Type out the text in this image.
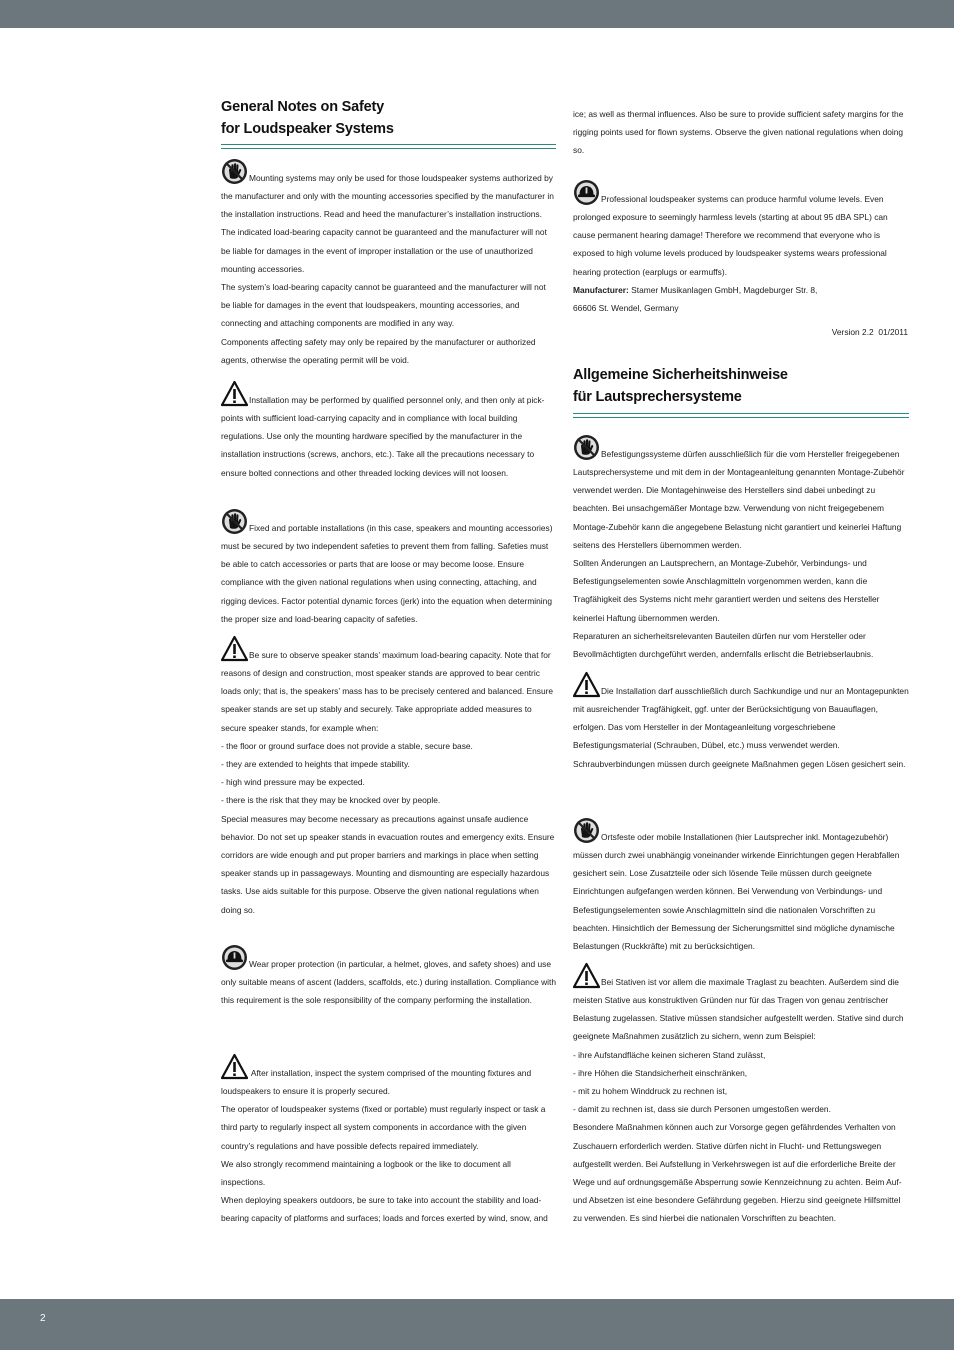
General Notes on Safety
for Loudspeaker Systems

Mounting systems may only be used for those loudspeaker systems authorized by the manufacturer and only with the mounting accessories specified by the manufacturer in the installation instructions. Read and heed the manufacturer’s installation instructions. The indicated load-bearing capacity cannot be guaranteed and the manufacturer will not be liable for damages in the event of improper installation or the use of unauthorized mounting accessories.

The system’s load-bearing capacity cannot be guaranteed and the manufacturer will not be liable for damages in the event that loudspeakers, mounting accessories, and connecting and attaching components are modified in any way.

Components affecting safety may only be repaired by the manufacturer or authorized agents, otherwise the operating permit will be void.

Installation may be performed by qualified personnel only, and then only at pick-points with sufficient load-carrying capacity and in compliance with local building regulations. Use only the mounting hardware specified by the manufacturer in the installation instructions (screws, anchors, etc.). Take all the precautions necessary to ensure bolted connections and other threaded locking devices will not loosen.

Fixed and portable installations (in this case, speakers and mounting accessories) must be secured by two independent safeties to prevent them from falling. Safeties must be able to catch accessories or parts that are loose or may become loose. Ensure compliance with the given national regulations when using connecting, attaching, and rigging devices. Factor potential dynamic forces (jerk) into the equation when determining the proper size and load-bearing capacity of safeties.

Be sure to observe speaker stands’ maximum load-bearing capacity. Note that for reasons of design and construction, most speaker stands are approved to bear centric loads only; that is, the speakers’ mass has to be precisely centered and balanced. Ensure speaker stands are set up stably and securely. Take appropriate added measures to secure speaker stands, for example when:

- the floor or ground surface does not provide a stable, secure base.

- they are extended to heights that impede stability.

- high wind pressure may be expected.

- there is the risk that they may be knocked over by people.

Special measures may become necessary as precautions against unsafe audience behavior. Do not set up speaker stands in evacuation routes and emergency exits. Ensure corridors are wide enough and put proper barriers and markings in place when setting speaker stands up in passageways. Mounting and dismounting are especially hazardous tasks. Use aids suitable for this purpose. Observe the given national regulations when doing so.

Wear proper protection (in particular, a helmet, gloves, and safety shoes) and use only suitable means of ascent (ladders, scaffolds, etc.) during installation. Compliance with this requirement is the sole responsibility of the company performing the installation.

After installation, inspect the system comprised of the mounting fixtures and loudspeakers to ensure it is properly secured.

The operator of loudspeaker systems (fixed or portable) must regularly inspect or task a third party to regularly inspect all system components in accordance with the given country’s regulations and have possible defects repaired immediately.

We also strongly recommend maintaining a logbook or the like to document all inspections.

When deploying speakers outdoors, be sure to take into account the stability and load-bearing capacity of platforms and surfaces; loads and forces exerted by wind, snow, and

ice; as well as thermal influences. Also be sure to provide sufficient safety margins for the rigging points used for flown systems. Observe the given national regulations when doing so.

Professional loudspeaker systems can produce harmful volume levels. Even prolonged exposure to seemingly harmless levels (starting at about 95 dBA SPL) can cause permanent hearing damage! Therefore we recommend that everyone who is exposed to high volume levels produced by loudspeaker systems wears professional hearing protection (earplugs or earmuffs).

Manufacturer: Stamer Musikanlagen GmbH, Magdeburger Str. 8,

66606 St. Wendel, Germany

Version 2.2  01/2011
Allgemeine Sicherheitshinweise
für Lautsprechersysteme

Befestigungssysteme dürfen ausschließlich für die vom Hersteller freigegebenen Lautsprechersysteme und mit dem in der Montageanleitung genannten Montage-Zubehör verwendet werden. Die Montagehinweise des Herstellers sind dabei unbedingt zu beachten. Bei unsachgemäßer Montage bzw. Verwendung von nicht freigegebenem Montage-Zubehör kann die angegebene Belastung nicht garantiert und keinerlei Haftung seitens des Herstellers übernommen werden.

Sollten Änderungen an Lautsprechern, an Montage-Zubehör, Verbindungs- und Befestigungselementen sowie Anschlagmitteln vorgenommen werden, kann die Tragfähigkeit des Systems nicht mehr garantiert werden und seitens des Hersteller keinerlei Haftung übernommen werden.

Reparaturen an sicherheitsrelevanten Bauteilen dürfen nur vom Hersteller oder Bevollmächtigten durchgeführt werden, andernfalls erlischt die Betriebserlaubnis.

Die Installation darf ausschließlich durch Sachkundige und nur an Montagepunkten mit ausreichender Tragfähigkeit, ggf. unter der Berücksichtigung von Bauauflagen, erfolgen. Das vom Hersteller in der Montageanleitung vorgeschriebene Befestigungsmaterial (Schrauben, Dübel, etc.) muss verwendet werden. Schraubverbindungen müssen durch geeignete Maßnahmen gegen Lösen gesichert sein.

Ortsfeste oder mobile Installationen (hier Lautsprecher inkl. Montagezubehör) müssen durch zwei unabhängig voneinander wirkende Einrichtungen gegen Herabfallen gesichert sein. Lose Zusatzteile oder sich lösende Teile müssen durch geeignete Einrichtungen aufgefangen werden können. Bei Verwendung von Verbindungs- und Befestigungselementen sowie Anschlagmitteln sind die nationalen Vorschriften zu beachten. Hinsichtlich der Bemessung der Sicherungsmittel sind mögliche dynamische Belastungen (Ruckkräfte) mit zu berücksichtigen.

Bei Stativen ist vor allem die maximale Traglast zu beachten. Außerdem sind die meisten Stative aus konstruktiven Gründen nur für das Tragen von genau zentrischer Belastung zugelassen. Stative müssen standsicher aufgestellt werden. Stative sind durch geeignete Maßnahmen zusätzlich zu sichern, wenn zum Beispiel:

- ihre Aufstandfläche keinen sicheren Stand zulässt,

- ihre Höhen die Standsicherheit einschränken,

- mit zu hohem Winddruck zu rechnen ist,

- damit zu rechnen ist, dass sie durch Personen umgestoßen werden.

Besondere Maßnahmen können auch zur Vorsorge gegen gefährdendes Verhalten von Zuschauern erforderlich werden. Stative dürfen nicht in Flucht- und Rettungswegen aufgestellt werden. Bei Aufstellung in Verkehrswegen ist auf die erforderliche Breite der Wege und auf ordnungsgemäße Absperrung sowie Kennzeichnung zu achten. Beim Auf- und Absetzen ist eine besondere Gefährdung gegeben. Hierzu sind geeignete Hilfsmittel zu verwenden. Es sind hierbei die nationalen Vorschriften zu beachten.

2
